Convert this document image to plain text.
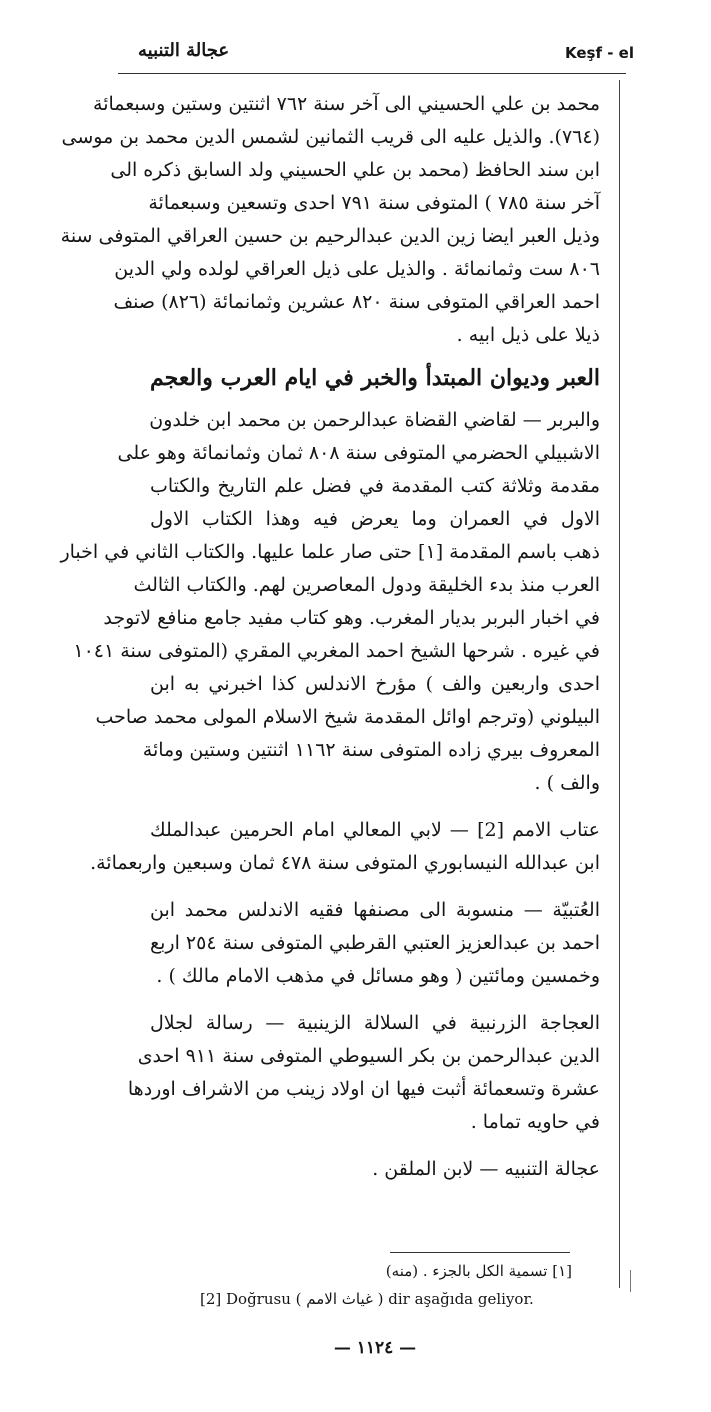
عجالة التنبيه	Keşf - el
محمد بن علي الحسيني الى آخر سنة ٧٦٢ اثنتين وستين وسبعمائة
(٧٦٤). والذيل عليه الى قريب الثمانين لشمس الدين محمد بن موسى
ابن سند الحافظ (محمد بن علي الحسيني ولد السابق ذكره الى
آخر سنة ٧٨٥ ) المتوفى سنة ٧٩١ احدى وتسعين وسبعمائة
وذيل العبر ايضا زين الدين عبدالرحيم بن حسين العراقي المتوفى سنة
٨٠٦ ست وثمانمائة . والذيل على ذيل العراقي لولده ولي الدين
احمد العراقي المتوفى سنة ٨٢٠ عشرين وثمانمائة (٨٢٦) صنف
ذيلا على ذيل ابيه .
العبر وديوان المبتدأ والخبر في ايام العرب والعجم
والبربر — لقاضي القضاة عبدالرحمن بن محمد ابن خلدون
الاشبيلي الحضرمي المتوفى سنة ٨٠٨ ثمان وثمانمائة وهو على
مقدمة وثلاثة كتب المقدمة في فضل علم التاريخ والكتاب
الاول في العمران وما يعرض فيه وهذا الكتاب الاول
ذهب باسم المقدمة [١] حتى صار علما عليها. والكتاب الثاني في اخبار
العرب منذ بدء الخليقة ودول المعاصرين لهم. والكتاب الثالث
في اخبار البربر بديار المغرب. وهو كتاب مفيد جامع منافع لاتوجد
في غيره . شرحها الشيخ احمد المغربي المقري (المتوفى سنة ١٠٤١
احدى واربعين والف ) مؤرخ الاندلس كذا اخبرني به ابن
البيلوني (وترجم اوائل المقدمة شيخ الاسلام المولى محمد صاحب
المعروف بيري زاده المتوفى سنة ١١٦٢ اثنتين وستين ومائة
والف ) .
عتاب الامم [2] — لابي المعالي امام الحرمين عبدالملك
ابن عبدالله النيسابوري المتوفى سنة ٤٧٨ ثمان وسبعين واربعمائة.
العُتبيّة — منسوبة الى مصنفها فقيه الاندلس محمد ابن
احمد بن عبدالعزيز العتبي القرطبي المتوفى سنة ٢٥٤ اربع
وخمسين ومائتين ( وهو مسائل في مذهب الامام مالك ) .
العجاجة الزرنبية في السلالة الزينبية — رسالة لجلال
الدين عبدالرحمن بن بكر السيوطي المتوفى سنة ٩١١ احدى
عشرة وتسعمائة أثبت فيها ان اولاد زينب من الاشراف اوردها
في حاويه تماما .
عجالة التنبيه — لابن الملقن .
[١] تسمية الكل بالجزء . (منه)
[2] Doğrusu ( غياث الامم ) dir aşağıda geliyor.
— ١١٢٤ —
